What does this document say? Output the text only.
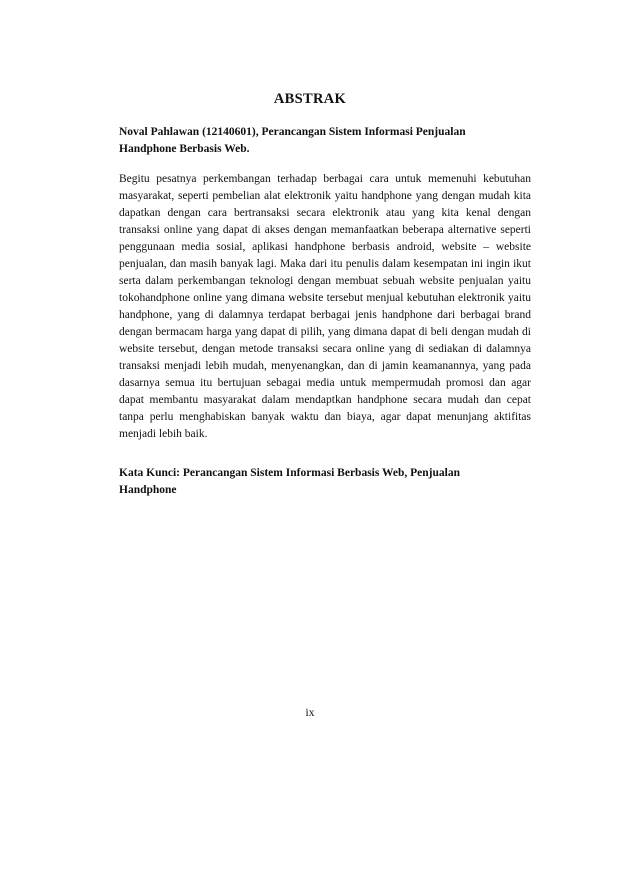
ABSTRAK
Noval Pahlawan (12140601), Perancangan Sistem Informasi Penjualan Handphone Berbasis Web.
Begitu pesatnya perkembangan terhadap berbagai cara untuk memenuhi kebutuhan masyarakat, seperti pembelian alat elektronik yaitu handphone yang dengan mudah kita dapatkan dengan cara bertransaksi secara elektronik atau yang kita kenal dengan transaksi online yang dapat di akses dengan memanfaatkan beberapa alternative seperti penggunaan media sosial, aplikasi handphone berbasis android, website – website penjualan, dan masih banyak lagi. Maka dari itu penulis dalam kesempatan ini ingin ikut serta dalam perkembangan teknologi dengan membuat sebuah website penjualan yaitu tokohandphone online yang dimana website tersebut menjual kebutuhan elektronik yaitu handphone, yang di dalamnya terdapat berbagai jenis handphone dari berbagai brand dengan bermacam harga yang dapat di pilih, yang dimana dapat di beli dengan mudah di website tersebut, dengan metode transaksi secara online yang di sediakan di dalamnya transaksi menjadi lebih mudah, menyenangkan, dan di jamin keamanannya, yang pada dasarnya semua itu bertujuan sebagai media untuk mempermudah promosi dan agar dapat membantu masyarakat dalam mendaptkan handphone secara mudah dan cepat tanpa perlu menghabiskan banyak waktu dan biaya, agar dapat menunjang aktifitas menjadi lebih baik.
Kata Kunci: Perancangan Sistem Informasi Berbasis Web, Penjualan Handphone
ix
